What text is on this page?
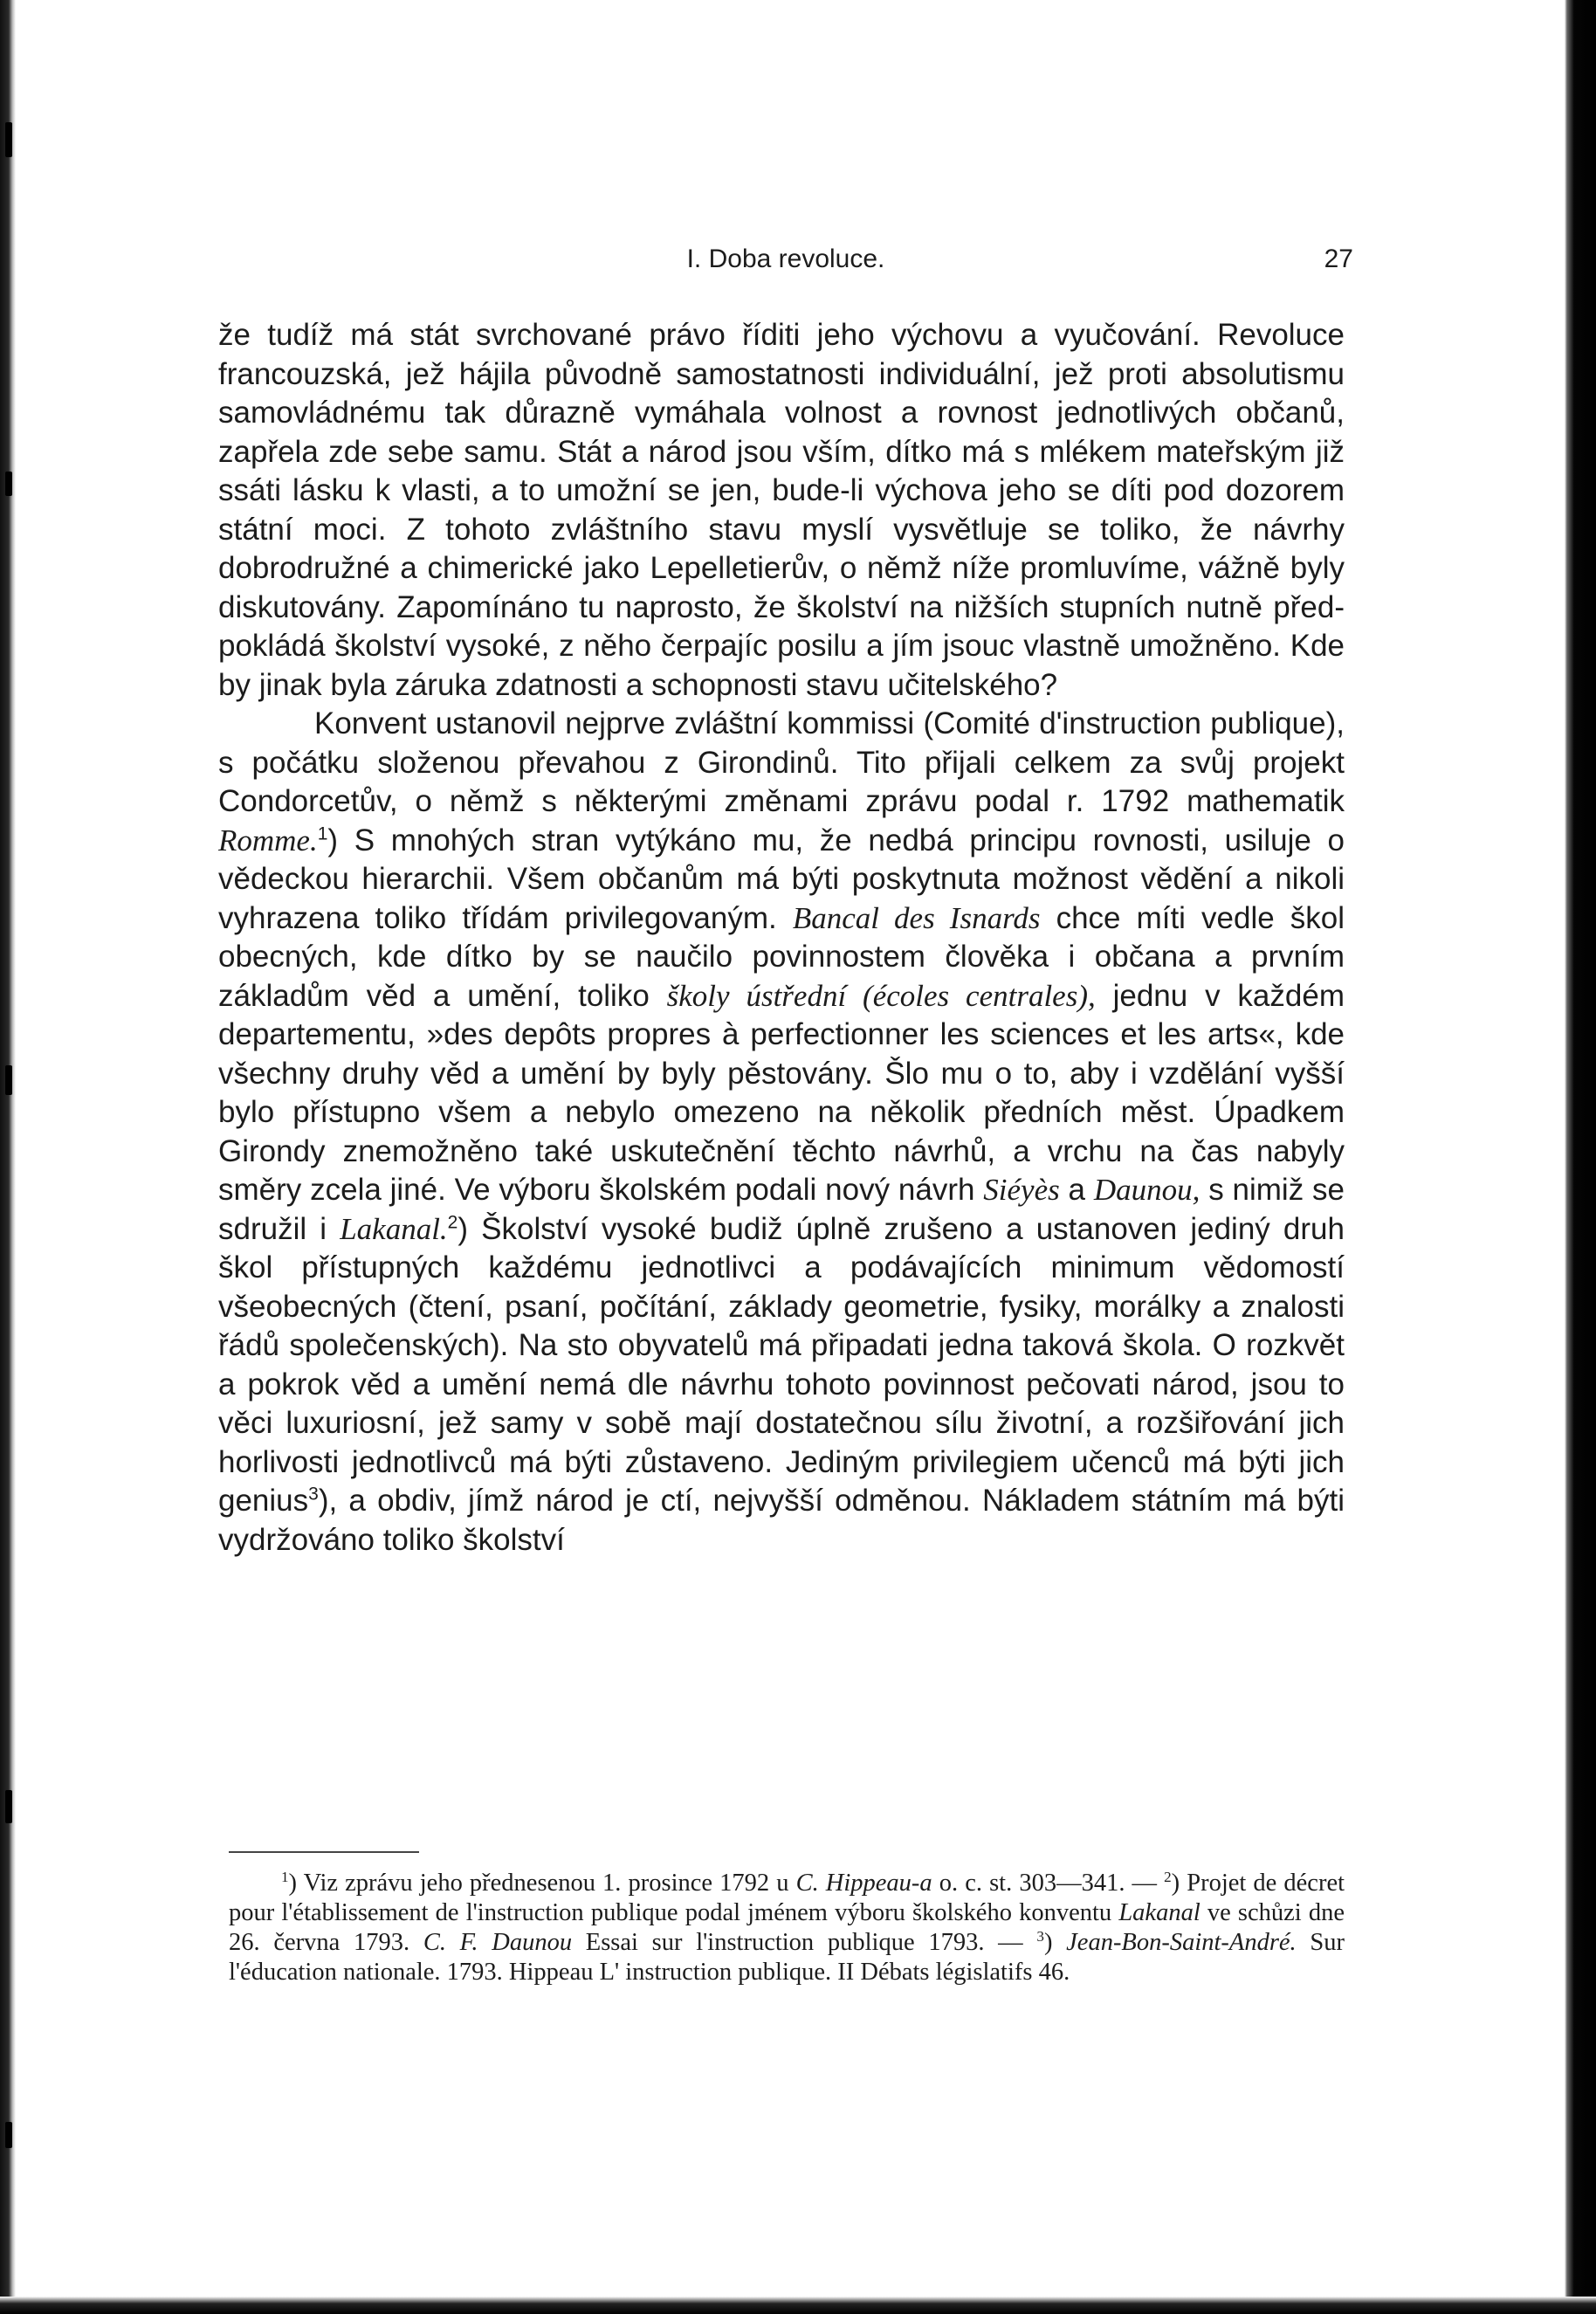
I. Doba revoluce.	27

že tudíž má stát svrchované právo říditi jeho výchovu a vyučování. Revoluce francouzská, jež hájila původně samostatnosti individuální, jež proti absolutismu samovládnému tak důrazně vymáhala volnost a rovnost jednotlivých občanů, zapřela zde sebe samu. Stát a národ jsou vším, dítko má s mlékem mateřským již ssáti lásku k vlasti, a to umožní se jen, bude-li výchova jeho se díti pod dozorem státní moci. Z tohoto zvláštního stavu myslí vysvětluje se toliko, že návrhy dobrodružné a chimerické jako Lepelletierův, o němž níže promluvíme, vážně byly diskutovány. Zapomínáno tu naprosto, že školství na nižších stupních nutně předpokládá školství vysoké, z něho čerpajíc posilu a jím jsouc vlastně umožněno. Kde by jinak byla záruka zdatnosti a schopnosti stavu učitelského?

Konvent ustanovil nejprve zvláštní kommissi (Comité d'instruction publique), s počátku složenou převahou z Girondinů. Tito přijali celkem za svůj projekt Condorcetův, o němž s některými změnami zprávu podal r. 1792 mathematik Romme.$^1$) S mnohých stran vytýkáno mu, že nedbá principu rovnosti, usiluje o vědeckou hierarchii. Všem občanům má býti poskytnuta možnost vědění a nikoli vyhrazena toliko třídám privilegovaným. Bancal des Isnards chce míti vedle škol obecných, kde dítko by se naučilo povinnostem člověka i občana a prvním základům věd a umění, toliko školy ústřední (écoles centrales), jednu v každém departementu, »des depôts propres à perfectionner les sciences et les arts«, kde všechny druhy věd a umění by byly pěstovány. Šlo mu o to, aby i vzdělání vyšší bylo přístupno všem a nebylo omezeno na několik předních měst. Úpadkem Girondy znemožněno také uskutečnění těchto návrhů, a vrchu na čas nabyly směry zcela jiné. Ve výboru školském podali nový návrh Siéyès a Daunou, s nimiž se sdružil i Lakanal.$^2$) Školství vysoké budiž úplně zrušeno a ustanoven jediný druh škol přístupných každému jednotlivci a podávajících minimum vědomostí všeobecných (čtení, psaní, počítání, základy geometrie, fysiky, morálky a znalosti řádů společenských). Na sto obyvatelů má připadati jedna taková škola. O rozkvět a pokrok věd a umění nemá dle návrhu tohoto povinnost pečovati národ, jsou to věci luxuriosní, jež samy v sobě mají dostatečnou sílu životní, a rozšiřování jich horlivosti jednotlivců má býti zůstaveno. Jediným privilegiem učenců má býti jich genius$^3$), a obdiv, jímž národ je ctí, nejvyšší odměnou. Nákladem státním má býti vydržováno toliko školství

$^1$) Viz zprávu jeho přednesenou 1. prosince 1792 u C. Hippeau-a o. c. st. 303—341. — $^2$) Projet de décret pour l'établissement de l'instruction publique podal jménem výboru školského konventu Lakanal ve schůzi dne 26. června 1793. C. F. Daunou Essai sur l'instruction publique 1793. — $^3$) Jean-Bon-Saint-André. Sur l'éducation nationale. 1793. Hippeau L' instruction publique. II Débats législatifs 46.
